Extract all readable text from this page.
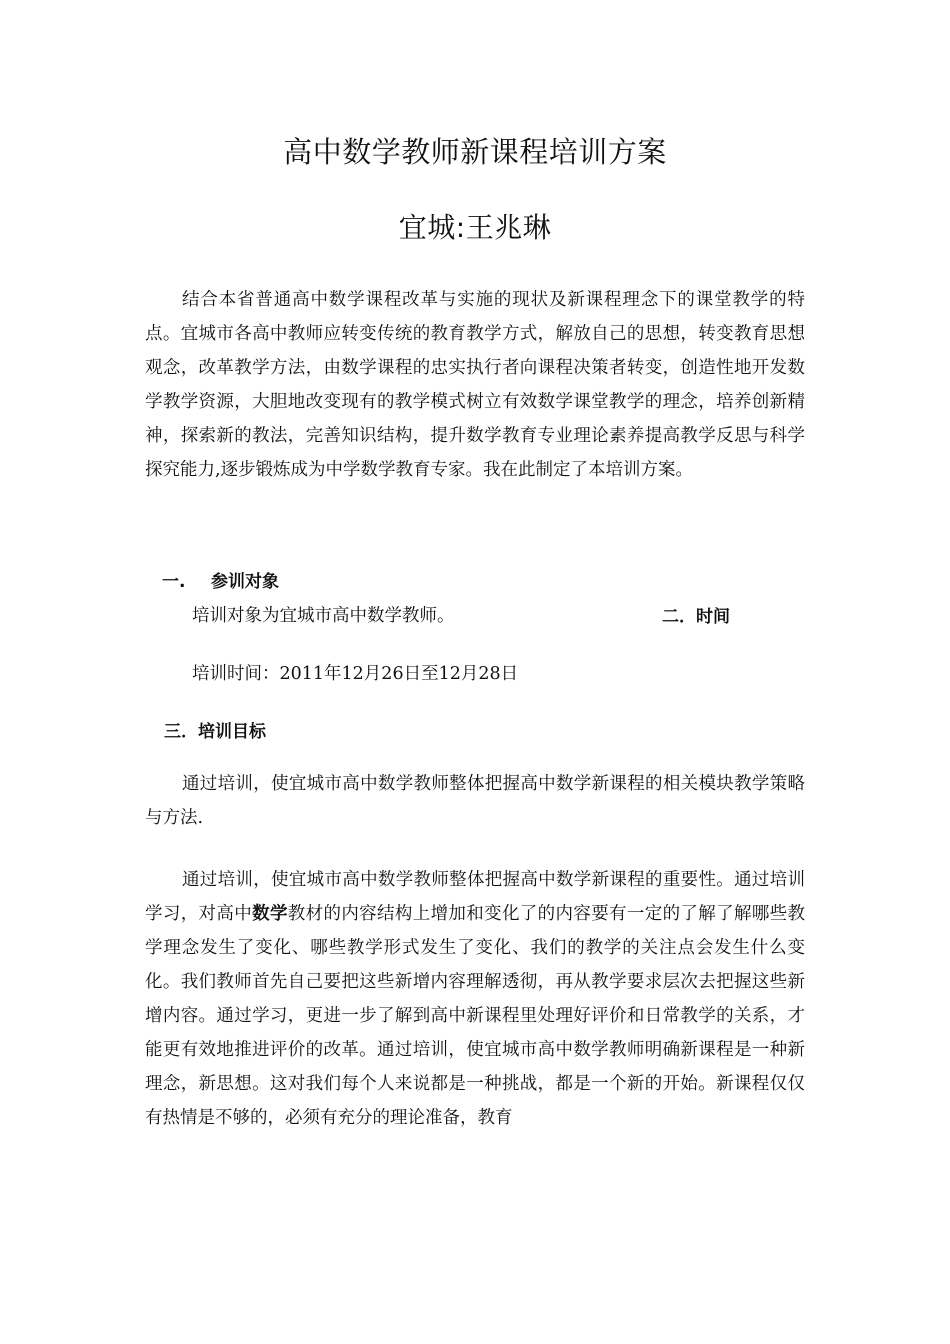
高中数学教师新课程培训方案
宜城:王兆琳
结合本省普通高中数学课程改革与实施的现状及新课程理念下的课堂教学的特点。宜城市各高中教师应转变传统的教育教学方式，解放自己的思想，转变教育思想观念，改革教学方法，由数学课程的忠实执行者向课程决策者转变，创造性地开发数学教学资源，大胆地改变现有的教学模式树立有效数学课堂教学的理念，培养创新精神，探索新的教法，完善知识结构，提升数学教育专业理论素养提高教学反思与科学探究能力,逐步锻炼成为中学数学教育专家。我在此制定了本培训方案。
一. 参训对象
培训对象为宜城市高中数学教师。	二．时间
培训时间：2011年12月26日至12月28日
三．培训目标
通过培训，使宜城市高中数学教师整体把握高中数学新课程的相关模块教学策略与方法.
通过培训，使宜城市高中数学教师整体把握高中数学新课程的重要性。通过培训学习，对高中数学教材的内容结构上增加和变化了的内容要有一定的了解了解哪些教学理念发生了变化、哪些教学形式发生了变化、我们的教学的关注点会发生什么变化。我们教师首先自己要把这些新增内容理解透彻，再从教学要求层次去把握这些新增内容。通过学习，更进一步了解到高中新课程里处理好评价和日常教学的关系，才能更有效地推进评价的改革。通过培训，使宜城市高中数学教师明确新课程是一种新理念，新思想。这对我们每个人来说都是一种挑战，都是一个新的开始。新课程仅仅有热情是不够的，必须有充分的理论准备，教育
